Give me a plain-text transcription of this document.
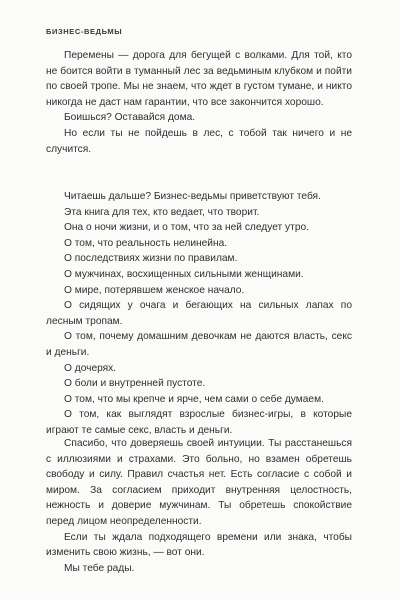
БИЗНЕС-ВЕДЬМЫ

Перемены — дорога для бегущей с волками. Для той, кто не боится войти в туманный лес за ведьминым клубком и пойти по своей тропе. Мы не знаем, что ждет в густом тумане, и никто никогда не даст нам гарантии, что все закончится хорошо.

Боишься? Оставайся дома.

Но если ты не пойдешь в лес, с тобой так ничего и не случится.

Читаешь дальше? Бизнес-ведьмы приветствуют тебя.

Эта книга для тех, кто ведает, что творит.

Она о ночи жизни, и о том, что за ней следует утро.

О том, что реальность нелинейна.

О последствиях жизни по правилам.

О мужчинах, восхищенных сильными женщинами.

О мире, потерявшем женское начало.

О сидящих у очага и бегающих на сильных лапах по лесным тропам.

О том, почему домашним девочкам не даются власть, секс и деньги.

О дочерях.

О боли и внутренней пустоте.

О том, что мы крепче и ярче, чем сами о себе думаем.

О том, как выглядят взрослые бизнес-игры, в которые играют те самые секс, власть и деньги.

Спасибо, что доверяешь своей интуиции. Ты расстанешься с иллюзиями и страхами. Это больно, но взамен обретешь свободу и силу. Правил счастья нет. Есть согласие с собой и миром. За согласием приходит внутренняя целостность, нежность и доверие мужчинам. Ты обретешь спокойствие перед лицом неопределенности.

Если ты ждала подходящего времени или знака, чтобы изменить свою жизнь, — вот они.

Мы тебе рады.
